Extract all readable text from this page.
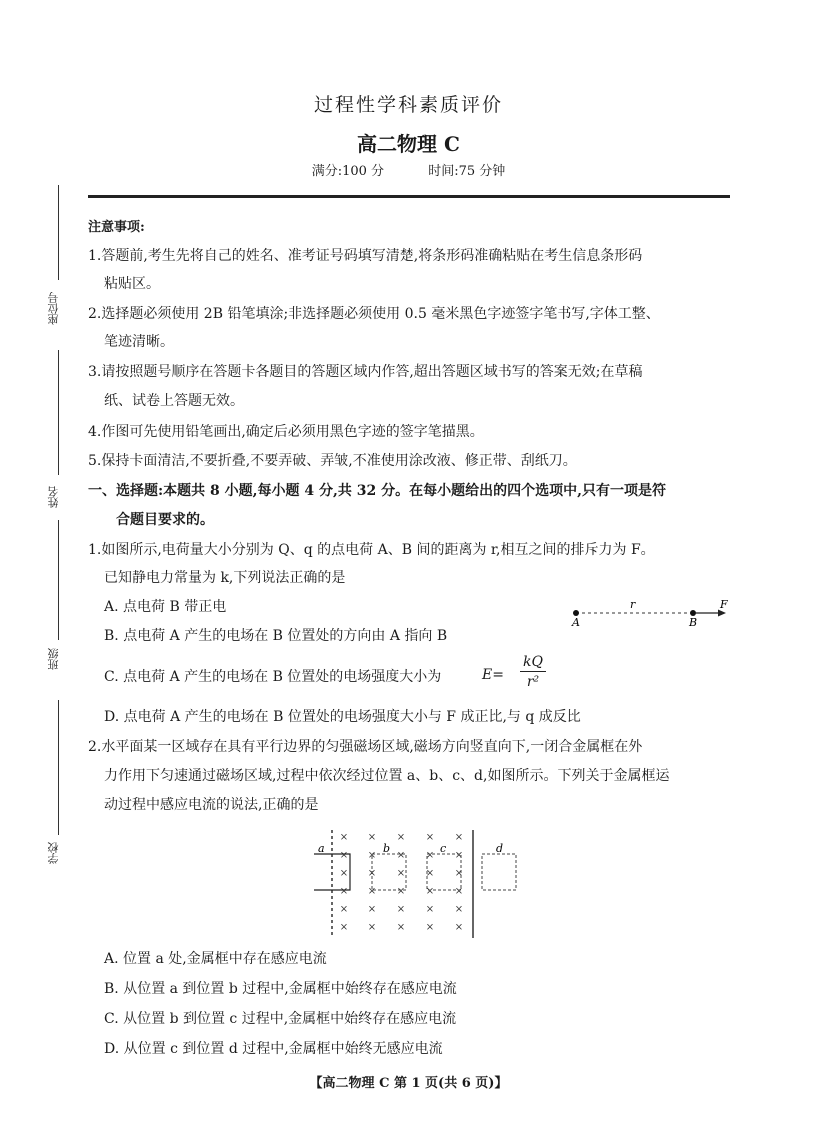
过程性学科素质评价
高二物理 C
满分:100 分	时间:75 分钟
座位号
姓名
班级
学校
注意事项:
1.答题前,考生先将自己的姓名、准考证号码填写清楚,将条形码准确粘贴在考生信息条形码
粘贴区。
2.选择题必须使用 2B 铅笔填涂;非选择题必须使用 0.5 毫米黑色字迹签字笔书写,字体工整、
笔迹清晰。
3.请按照题号顺序在答题卡各题目的答题区域内作答,超出答题区域书写的答案无效;在草稿
纸、试卷上答题无效。
4.作图可先使用铅笔画出,确定后必须用黑色字迹的签字笔描黑。
5.保持卡面清洁,不要折叠,不要弄破、弄皱,不准使用涂改液、修正带、刮纸刀。
一、选择题:本题共 8 小题,每小题 4 分,共 32 分。在每小题给出的四个选项中,只有一项是符
合题目要求的。
1.如图所示,电荷量大小分别为 Q、q 的点电荷 A、B 间的距离为 r,相互之间的排斥力为 F。
已知静电力常量为 k,下列说法正确的是
A. 点电荷 B 带正电
B. 点电荷 A 产生的电场在 B 位置处的方向由 A 指向 B
C. 点电荷 A 产生的电场在 B 位置处的电场强度大小为	E=
kQ
r²
D. 点电荷 A 产生的电场在 B 位置处的电场强度大小与 F 成正比,与 q 成反比
A	B
r	F
2.水平面某一区域存在具有平行边界的匀强磁场区域,磁场方向竖直向下,一闭合金属框在外
力作用下匀速通过磁场区域,过程中依次经过位置 a、b、c、d,如图所示。下列关于金属框运
动过程中感应电流的说法,正确的是
× × × × ×
× × × × ×
× × × × ×
× × × × ×
× × × × ×
× × × × ×
a	b	c	d
A. 位置 a 处,金属框中存在感应电流
B. 从位置 a 到位置 b 过程中,金属框中始终存在感应电流
C. 从位置 b 到位置 c 过程中,金属框中始终存在感应电流
D. 从位置 c 到位置 d 过程中,金属框中始终无感应电流
【高二物理 C 第 1 页(共 6 页)】
